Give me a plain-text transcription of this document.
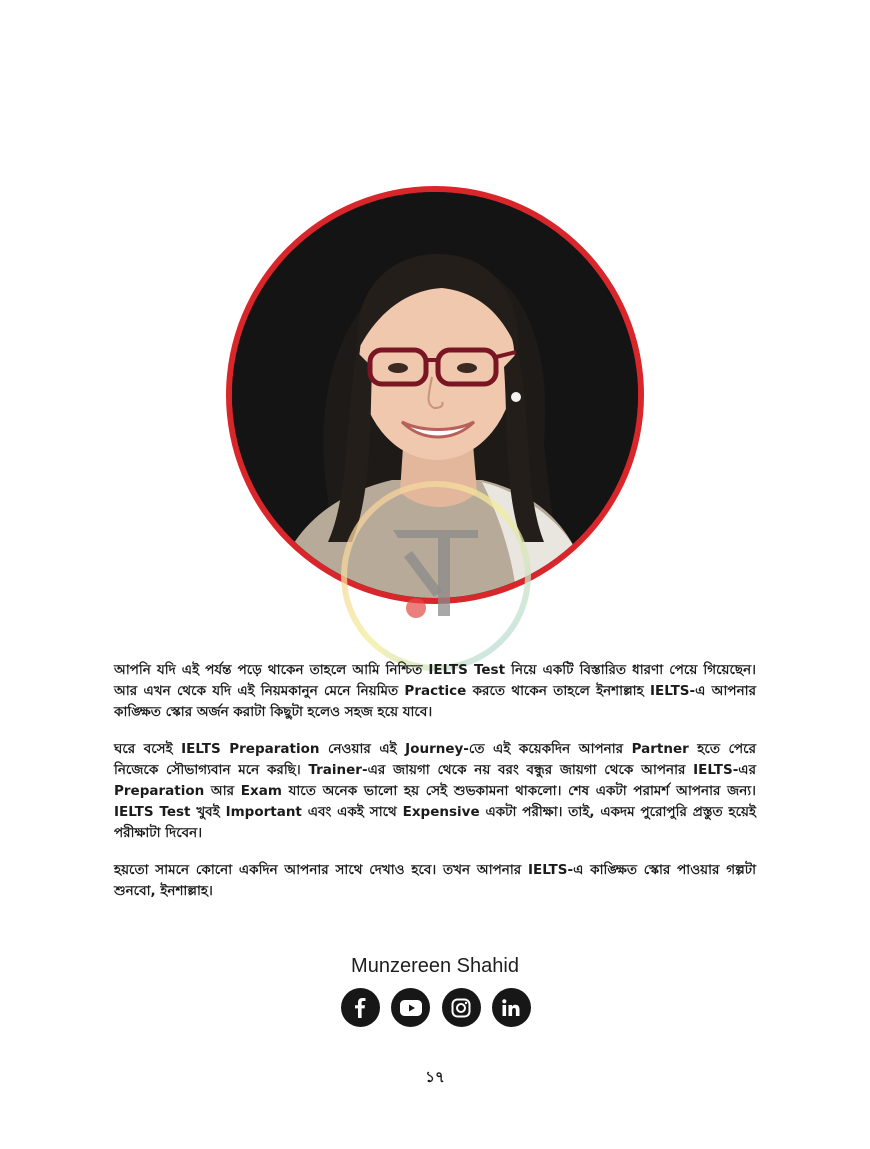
আপনি যদি এই পর্যন্ত পড়ে থাকেন তাহলে আমি নিশ্চিত IELTS Test নিয়ে একটি বিস্তারিত ধারণা পেয়ে গিয়েছেন। আর এখন থেকে যদি এই নিয়মকানুন মেনে নিয়মিত Practice করতে থাকেন তাহলে ইনশাল্লাহ IELTS-এ আপনার কাঙ্ক্ষিত স্কোর অর্জন করাটা কিছুটা হলেও সহজ হয়ে যাবে।

ঘরে বসেই IELTS Preparation নেওয়ার এই Journey-তে এই কয়েকদিন আপনার Partner হতে পেরে নিজেকে সৌভাগ্যবান মনে করছি। Trainer-এর জায়গা থেকে নয় বরং বন্ধুর জায়গা থেকে আপনার IELTS-এর Preparation আর Exam যাতে অনেক ভালো হয় সেই শুভকামনা থাকলো। শেষ একটা পরামর্শ আপনার জন্য। IELTS Test খুবই Important এবং একই সাথে Expensive একটা পরীক্ষা। তাই, একদম পুরোপুরি প্রস্তুত হয়েই পরীক্ষাটা দিবেন।

হয়তো সামনে কোনো একদিন আপনার সাথে দেখাও হবে। তখন আপনার IELTS-এ কাঙ্ক্ষিত স্কোর পাওয়ার গল্পটা শুনবো, ইনশাল্লাহ।

Munzereen Shahid
১৭
